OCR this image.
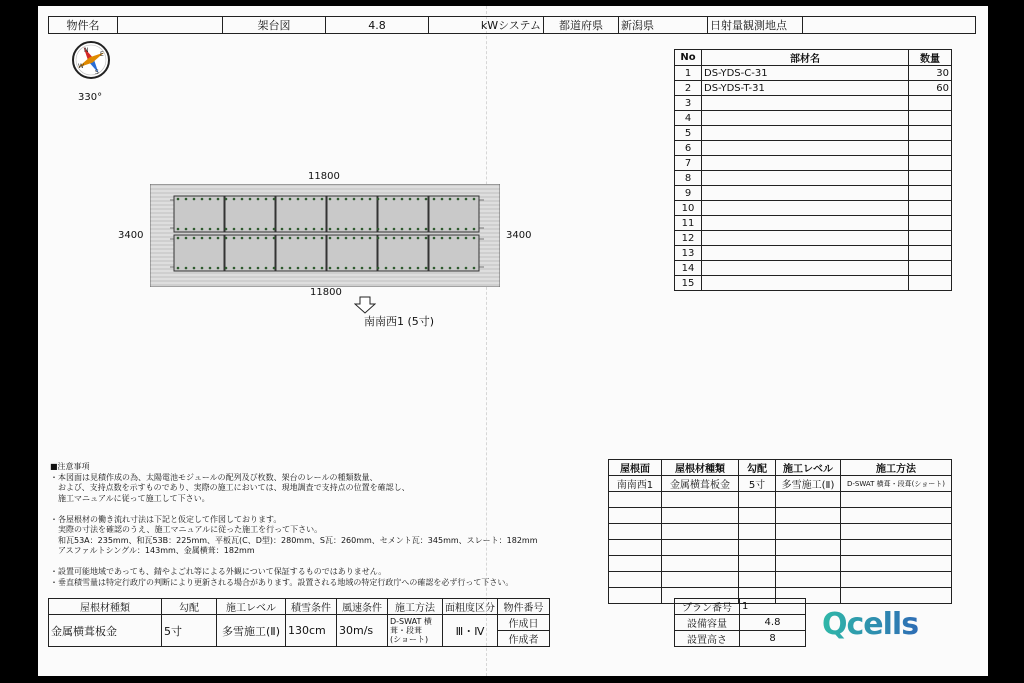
物件名		架台図	4.8	kWシステム	都道府県	新潟県	日射量観測地点	
N
E
S
W
330°
11800
3400	3400
11800
南南西1 (5寸)
No	部材名	数量
1	DS-YDS-C-31	30
2	DS-YDS-T-31	60
3		
4		
5		
6		
7		
8		
9		
10		
11		
12		
13		
14		
15		
■注意事項
・本図面は見積作成の為、太陽電池モジュールの配列及び枚数、架台のレールの種類数量、
　および、支持点数を示すものであり、実際の施工においては、現地調査で支持点の位置を確認し、
　施工マニュアルに従って施工して下さい。
・各屋根材の働き流れ寸法は下記と仮定して作図しております。
　実際の寸法を確認のうえ、施工マニュアルに従った施工を行って下さい。
　和瓦53A：235mm、和瓦53B：225mm、平板瓦(C、D型)：280mm、S瓦：260mm、セメント瓦：345mm、スレート：182mm
　アスファルトシングル：143mm、金属横葺：182mm
・設置可能地域であっても、錆やよごれ等による外観について保証するものではありません。
・垂直積雪量は特定行政庁の判断により更新される場合があります。設置される地域の特定行政庁への確認を必ず行って下さい。
屋根面	屋根材種類	勾配	施工レベル	施工方法
南南西1	金属横葺板金	5寸	多雪施工(Ⅱ)	D-SWAT 横葺・段葺(ショート)

屋根材種類	勾配	施工レベル	積雪条件	風速条件	施工方法	面粗度区分	物件番号
金属横葺板金	5寸	多雪施工(Ⅱ)	130cm	30m/s	D-SWAT 横
葺・段葺
(ショート)	Ⅲ・Ⅳ	作成日
							作成者
プラン番号	1
設備容量	4.8
設置高さ	8 Qcells
